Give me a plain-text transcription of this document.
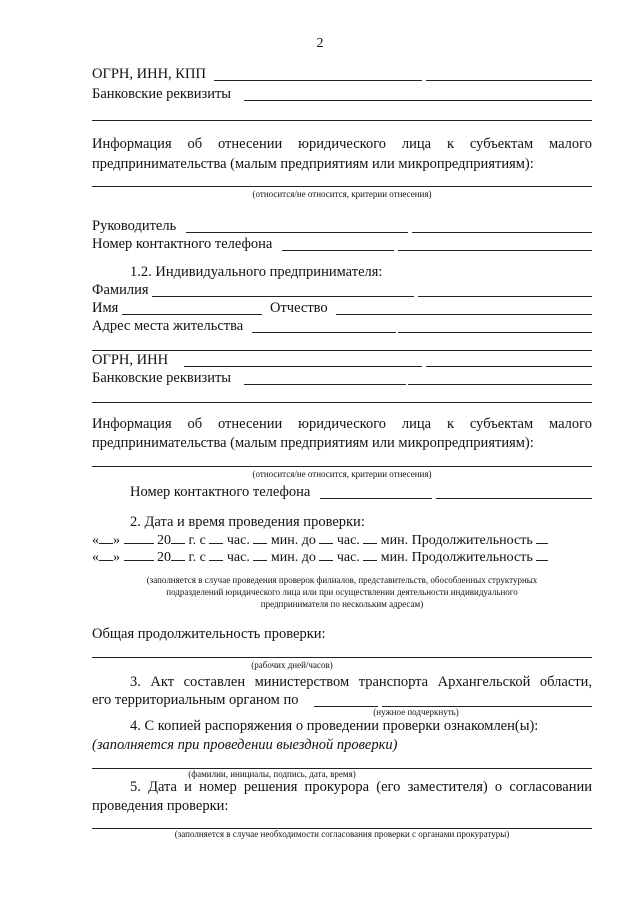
2
ОГРН, ИНН, КПП
Банковские реквизиты
Информация об отнесении юридического лица к субъектам малого
предпринимательства (малым предприятиям или микропредприятиям):
(относится/не относится, критерии отнесения)
Руководитель
Номер контактного телефона
1.2. Индивидуального предпринимателя:
Фамилия
Имя	Отчество
Адрес места жительства
ОГРН, ИНН
Банковские реквизиты
Информация об отнесении юридического лица к субъектам малого
предпринимательства (малым предприятиям или микропредприятиям):
(относится/не относится, критерии отнесения)
Номер контактного телефона
2. Дата и время проведения проверки:
« »	20 г. с час. мин. до час. мин. Продолжительность
« »	20 г. с час. мин. до час. мин. Продолжительность
(заполняется в случае проведения проверок филиалов, представительств, обособленных структурных
подразделений юридического лица или при осуществлении деятельности индивидуального
предпринимателя по нескольким адресам)
Общая продолжительность проверки:
(рабочих дней/часов)
3. Акт составлен министерством транспорта Архангельской области,
его территориальным органом по
(нужное подчеркнуть)
4. С копией распоряжения о проведении проверки ознакомлен(ы):
(заполняется при проведении выездной проверки)
(фамилии, инициалы, подпись, дата, время)
5. Дата и номер решения прокурора (его заместителя) о согласовании
проведения проверки:
(заполняется в случае необходимости согласования проверки с органами прокуратуры)
